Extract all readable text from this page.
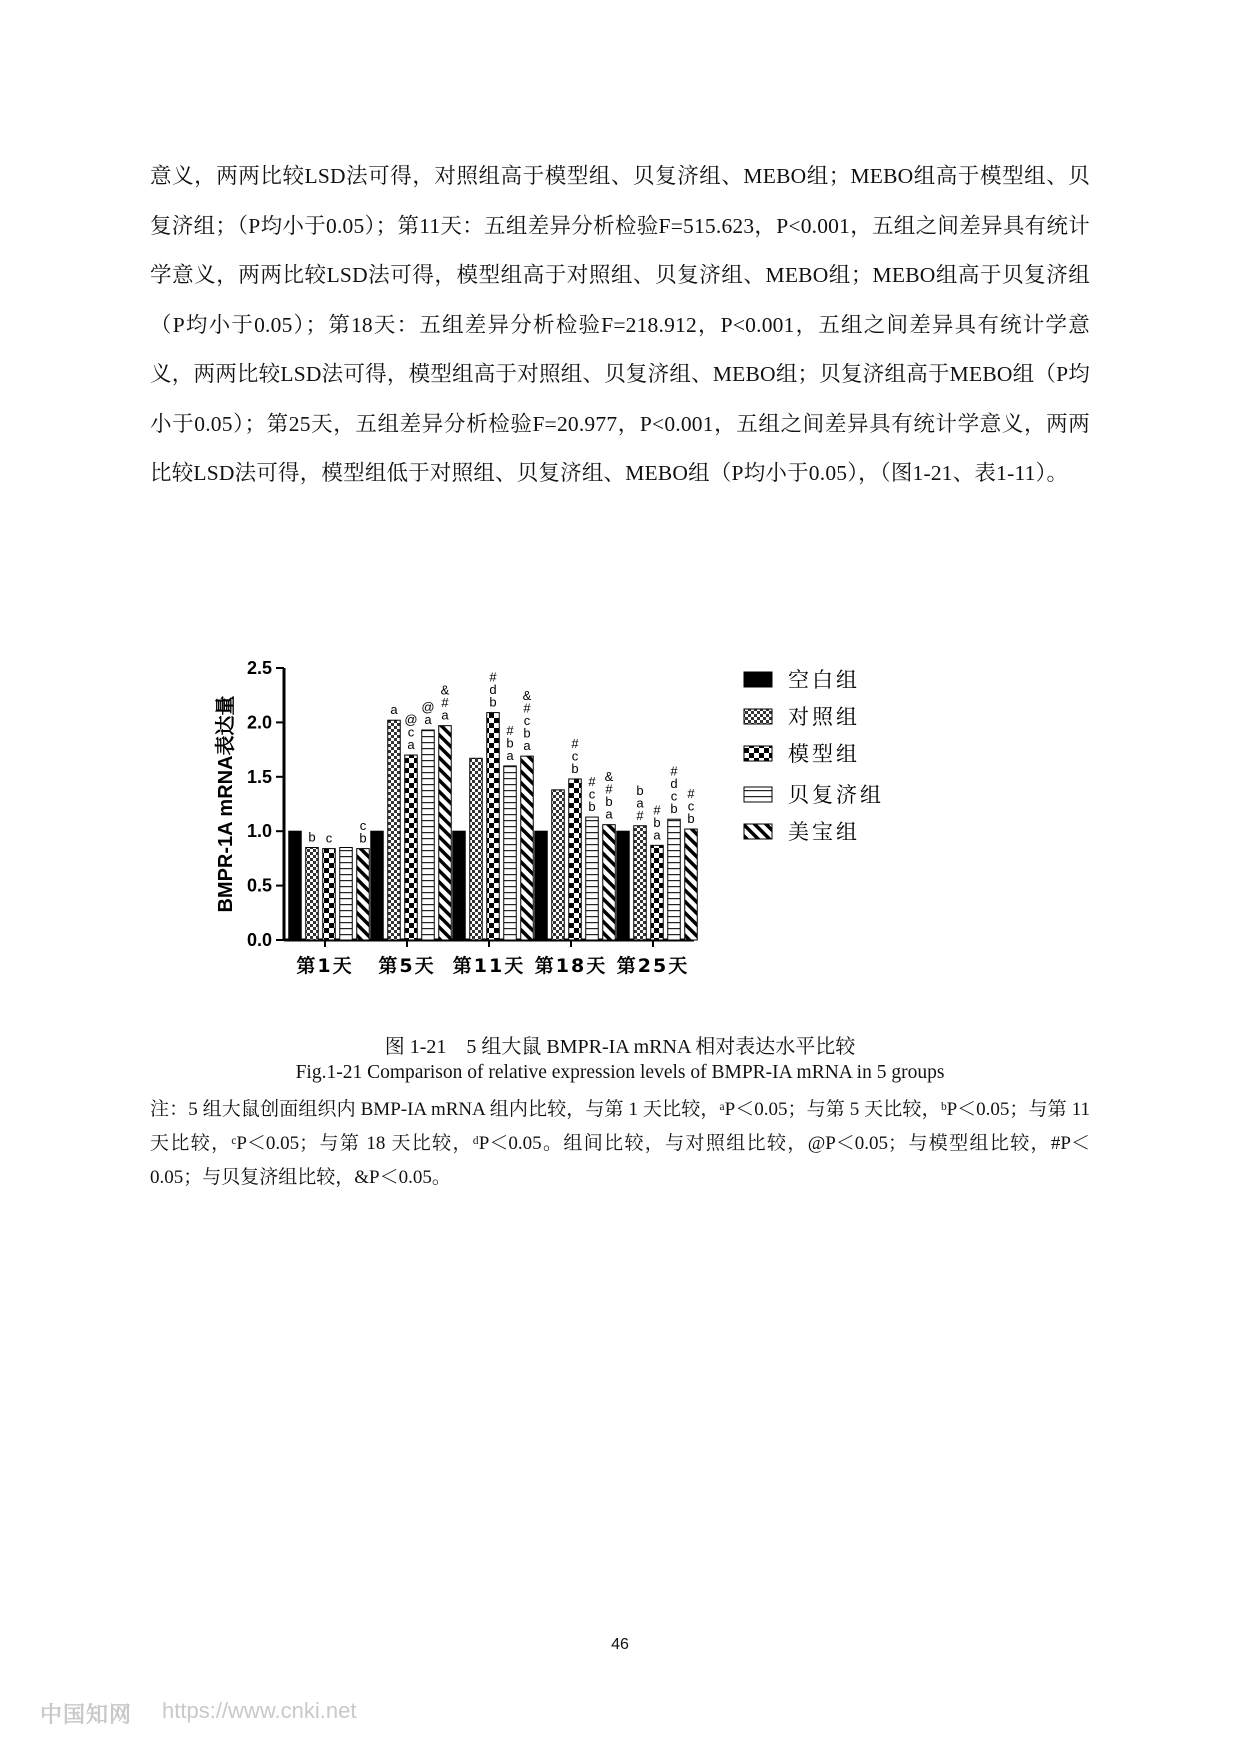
意义，两两比较LSD法可得，对照组高于模型组、贝复济组、MEBO组；MEBO组高于模型组、贝复济组；（P均小于0.05）；第11天：五组差异分析检验F=515.623，P<0.001，五组之间差异具有统计学意义，两两比较LSD法可得，模型组高于对照组、贝复济组、MEBO组；MEBO组高于贝复济组（P均小于0.05）；第18天：五组差异分析检验F=218.912，P<0.001，五组之间差异具有统计学意义，两两比较LSD法可得，模型组高于对照组、贝复济组、MEBO组；贝复济组高于MEBO组（P均小于0.05）；第25天，五组差异分析检验F=20.977，P<0.001，五组之间差异具有统计学意义，两两比较LSD法可得，模型组低于对照组、贝复济组、MEBO组（P均小于0.05），（图1-21、表1-11）。

0.0
0.5
1.0
1.5
2.0
2.5
BMPR-1A mRNA表达量
第1天
b c
c
b
第5天
a
@
c
a
@
a
&
#
a
第11天
#
d
b
#
b
a
&
#
c
b
a
第18天
#
c
b
#
c
b
&
#
b
a
第25天
b
a
# #
b
a
#
d
c
b
#
c
b
空白组
对照组
模型组
贝复济组
美宝组
图 1-21　5 组大鼠 BMPR-IA mRNA 相对表达水平比较
Fig.1-21 Comparison of relative expression levels of BMPR-IA mRNA in 5 groups
注：5 组大鼠创面组织内 BMP-IA mRNA 组内比较，与第 1 天比较，ᵃP＜0.05；与第 5 天比较，ᵇP＜0.05；与第 11 天比较，ᶜP＜0.05；与第 18 天比较，ᵈP＜0.05。组间比较，与对照组比较，@P＜0.05；与模型组比较，#P＜0.05；与贝复济组比较，&P＜0.05。
46
中国知网 https://www.cnki.net
